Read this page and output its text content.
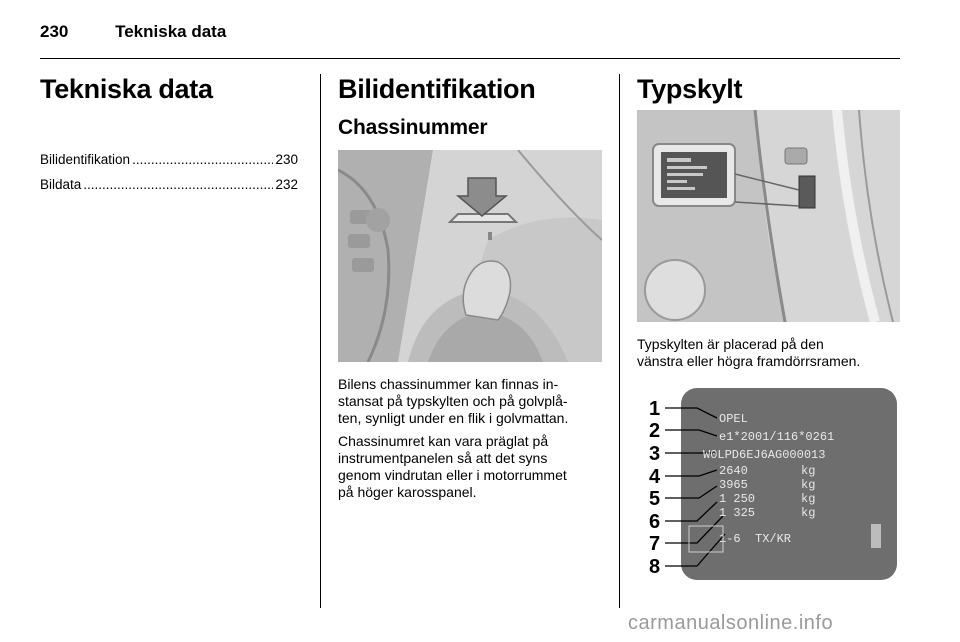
230	Tekniska data
Tekniska data
Bilidentifikation .....	230
Bildata .....	232
Bilidentifikation
Chassinummer
Bilens chassinummer kan finnas in-
stansat på typskylten och på golvplå-
ten, synligt under en flik i golvmattan.
Chassinumret kan vara präglat på
instrumentpanelen så att det syns
genom vindrutan eller i motorrummet
på höger karosspanel.
Typskylt
Typskylten är placerad på den
vänstra eller högra framdörrsramen.
1
2
3
4
5
6
7
8
OPEL
e1*2001/116*0261
W0LPD6EJ6AG000013
2640
3965
1 250
1 325
1-6 TX/KR
kg
kg
kg
kg
carmanualsonline.info
